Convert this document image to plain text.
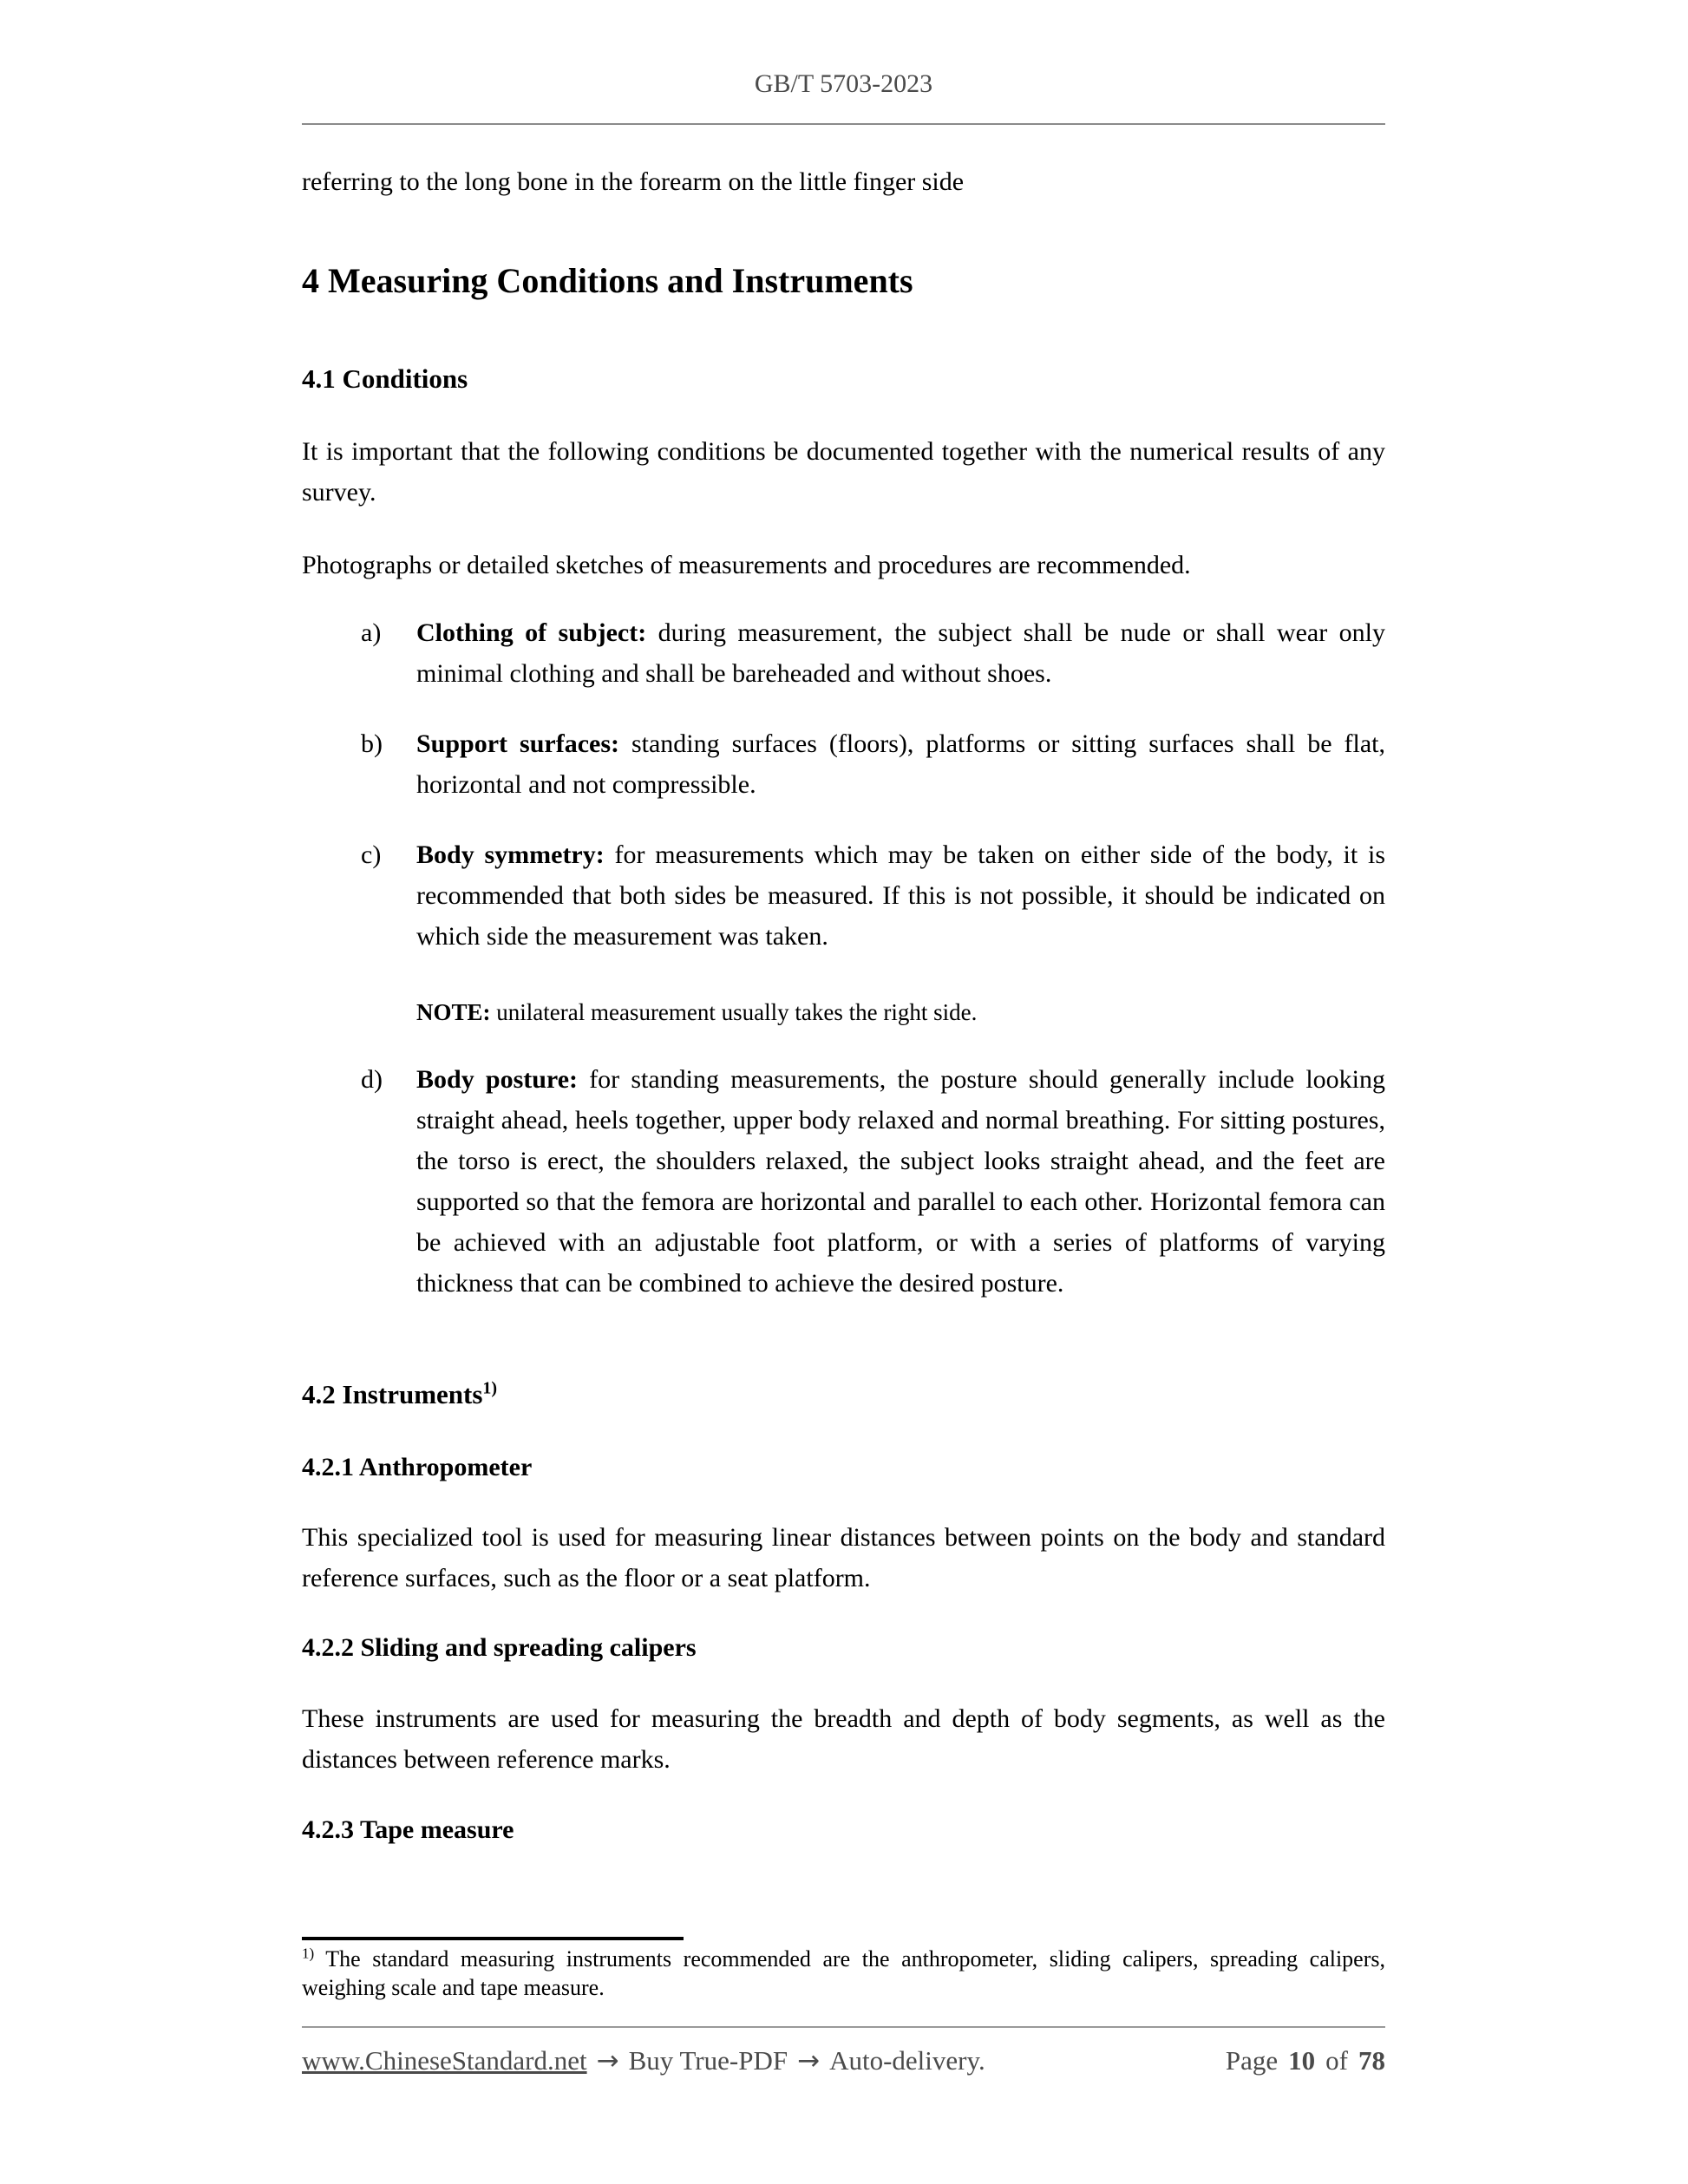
GB/T 5703-2023
referring to the long bone in the forearm on the little finger side
4 Measuring Conditions and Instruments
4.1 Conditions
It is important that the following conditions be documented together with the numerical results of any survey.
Photographs or detailed sketches of measurements and procedures are recommended.
a) Clothing of subject: during measurement, the subject shall be nude or shall wear only minimal clothing and shall be bareheaded and without shoes.
b) Support surfaces: standing surfaces (floors), platforms or sitting surfaces shall be flat, horizontal and not compressible.
c) Body symmetry: for measurements which may be taken on either side of the body, it is recommended that both sides be measured. If this is not possible, it should be indicated on which side the measurement was taken.
NOTE: unilateral measurement usually takes the right side.
d) Body posture: for standing measurements, the posture should generally include looking straight ahead, heels together, upper body relaxed and normal breathing. For sitting postures, the torso is erect, the shoulders relaxed, the subject looks straight ahead, and the feet are supported so that the femora are horizontal and parallel to each other. Horizontal femora can be achieved with an adjustable foot platform, or with a series of platforms of varying thickness that can be combined to achieve the desired posture.
4.2 Instruments$^{1)}$
4.2.1 Anthropometer
This specialized tool is used for measuring linear distances between points on the body and standard reference surfaces, such as the floor or a seat platform.
4.2.2 Sliding and spreading calipers
These instruments are used for measuring the breadth and depth of body segments, as well as the distances between reference marks.
4.2.3 Tape measure
$^{1)}$ The standard measuring instruments recommended are the anthropometer, sliding calipers, spreading calipers, weighing scale and tape measure.
www.ChineseStandard.net → Buy True-PDF → Auto-delivery.	Page 10 of 78
